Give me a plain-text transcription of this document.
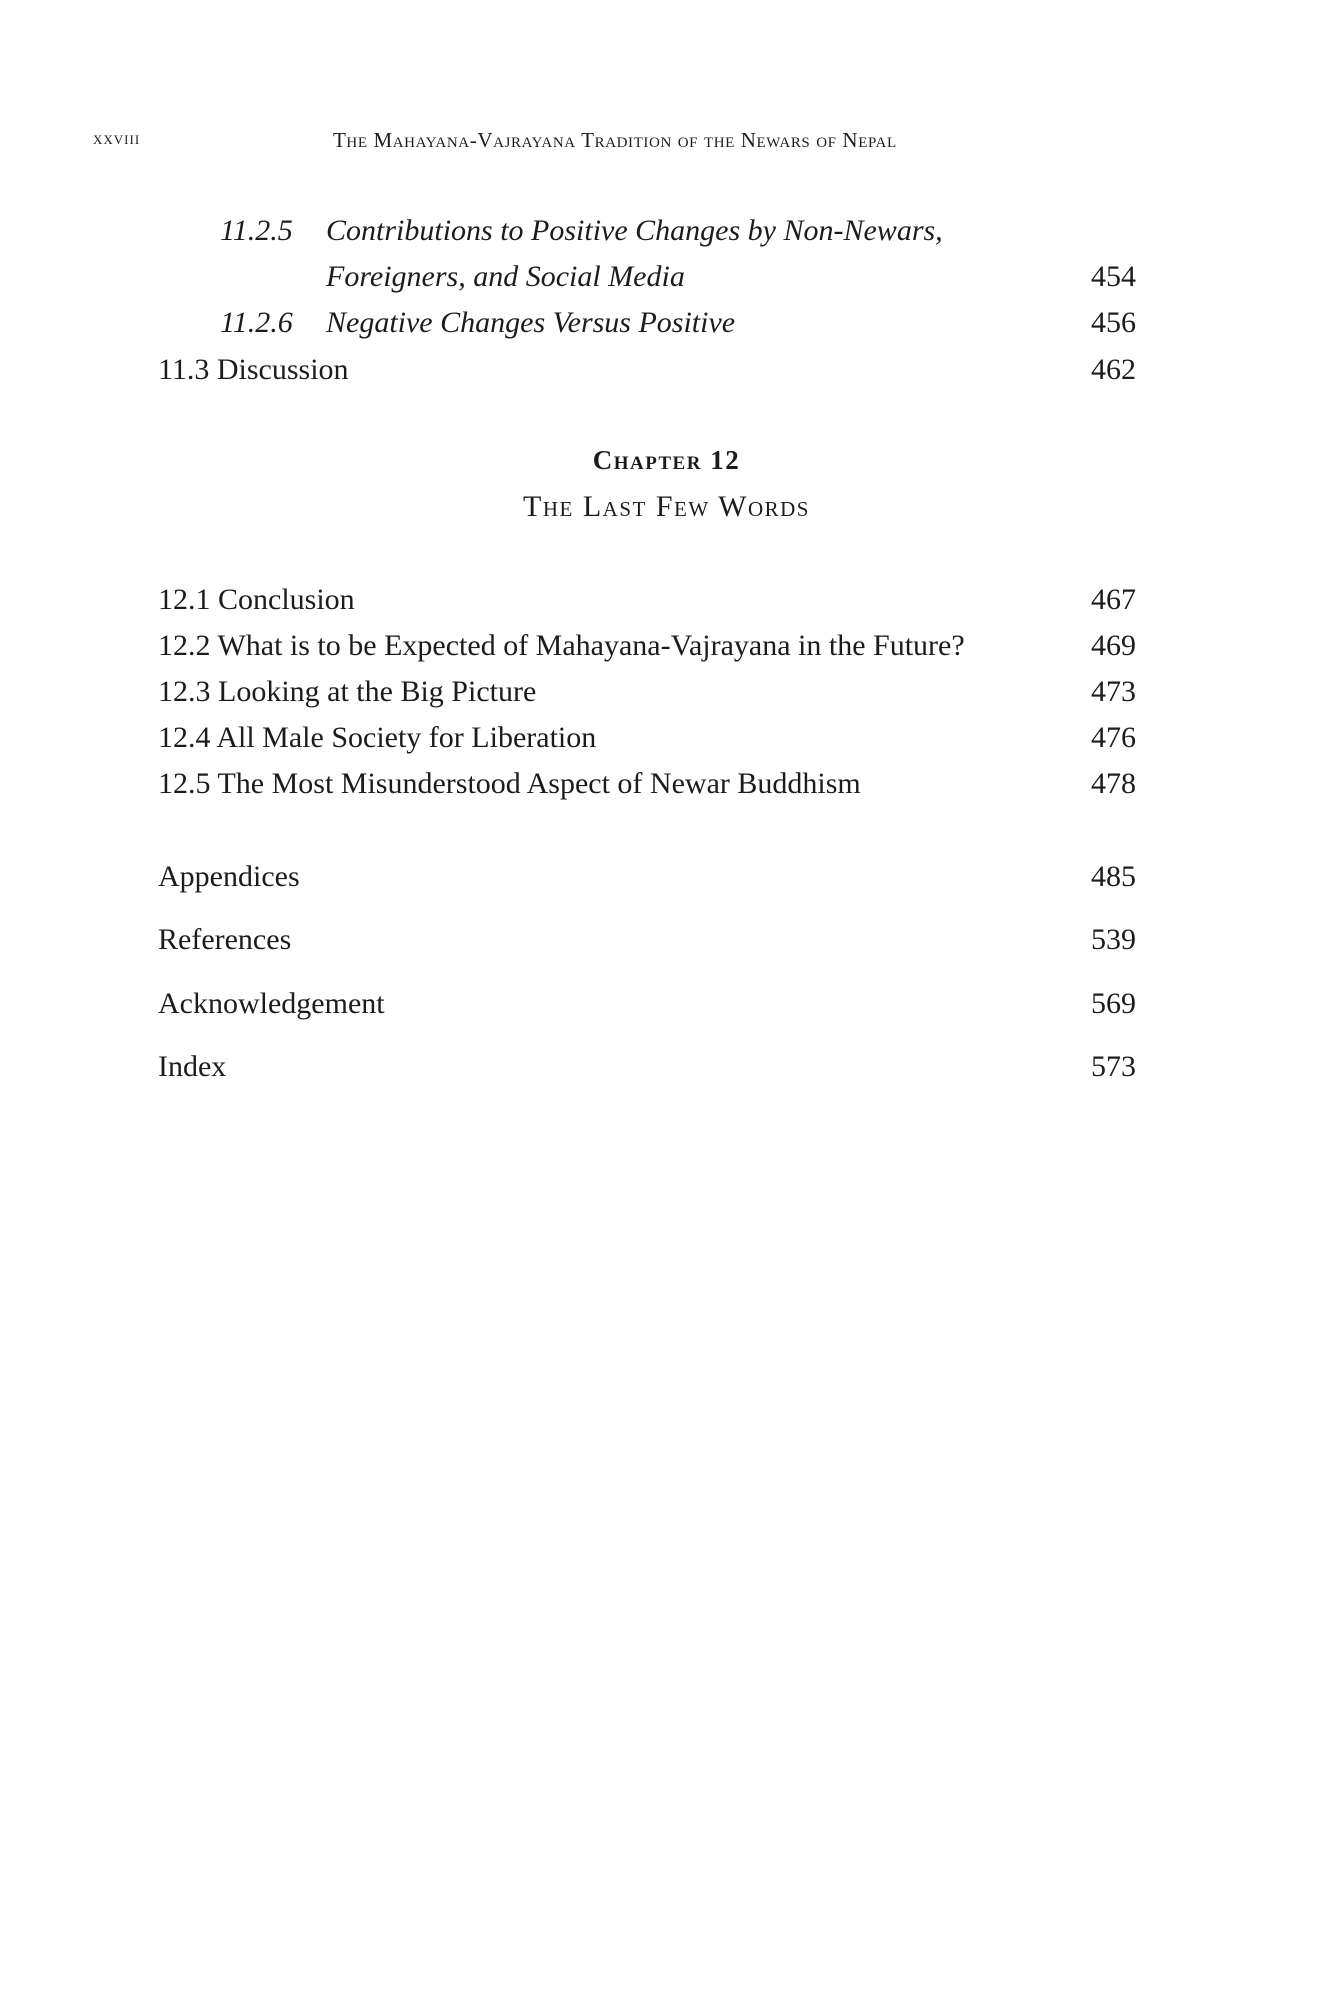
xxviii	The Mahayana-Vajrayana Tradition of the Newars of Nepal
11.2.5 Contributions to Positive Changes by Non-Newars,
Foreigners, and Social Media	454
11.2.6 Negative Changes Versus Positive	456
11.3 Discussion	462
Chapter 12
The Last Few Words
12.1 Conclusion	467
12.2 What is to be Expected of Mahayana-Vajrayana in the Future?	469
12.3 Looking at the Big Picture	473
12.4 All Male Society for Liberation	476
12.5 The Most Misunderstood Aspect of Newar Buddhism	478
Appendices	485
References	539
Acknowledgement	569
Index	573
